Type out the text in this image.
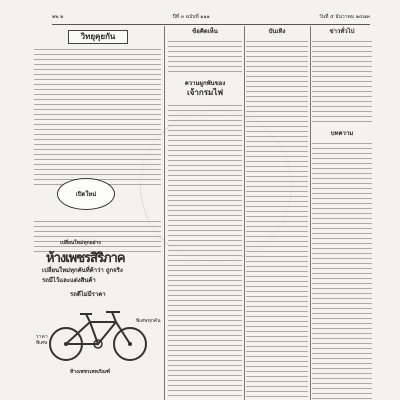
๒๒ ๒	ปีที่ ๓ ฉบับที่ ๑๑๑	วันที่ ๕ ธันวาคม ๒๔๗๓
วิทยุคุยกัน
เปิดใหม่
เปลี่ยนใหม่ทุกอย่าง
ห้างเพชรสิริภาค
เปลี่ยนใหม่ทุกคันที่ค้าว่า ถูกจริง
รถมีไว้และแต่งสินค้า
รถดีไม่มีราคา
ราคาพิเศษ
พิเศษทุกคัน
ห้างเพชรเคหภัณฑ์
ข้อคิดเห็น
ความผูกพันของ
เจ้ากรมไฟ
บันเทิง	ข่าวทั่วไป
บทความ
